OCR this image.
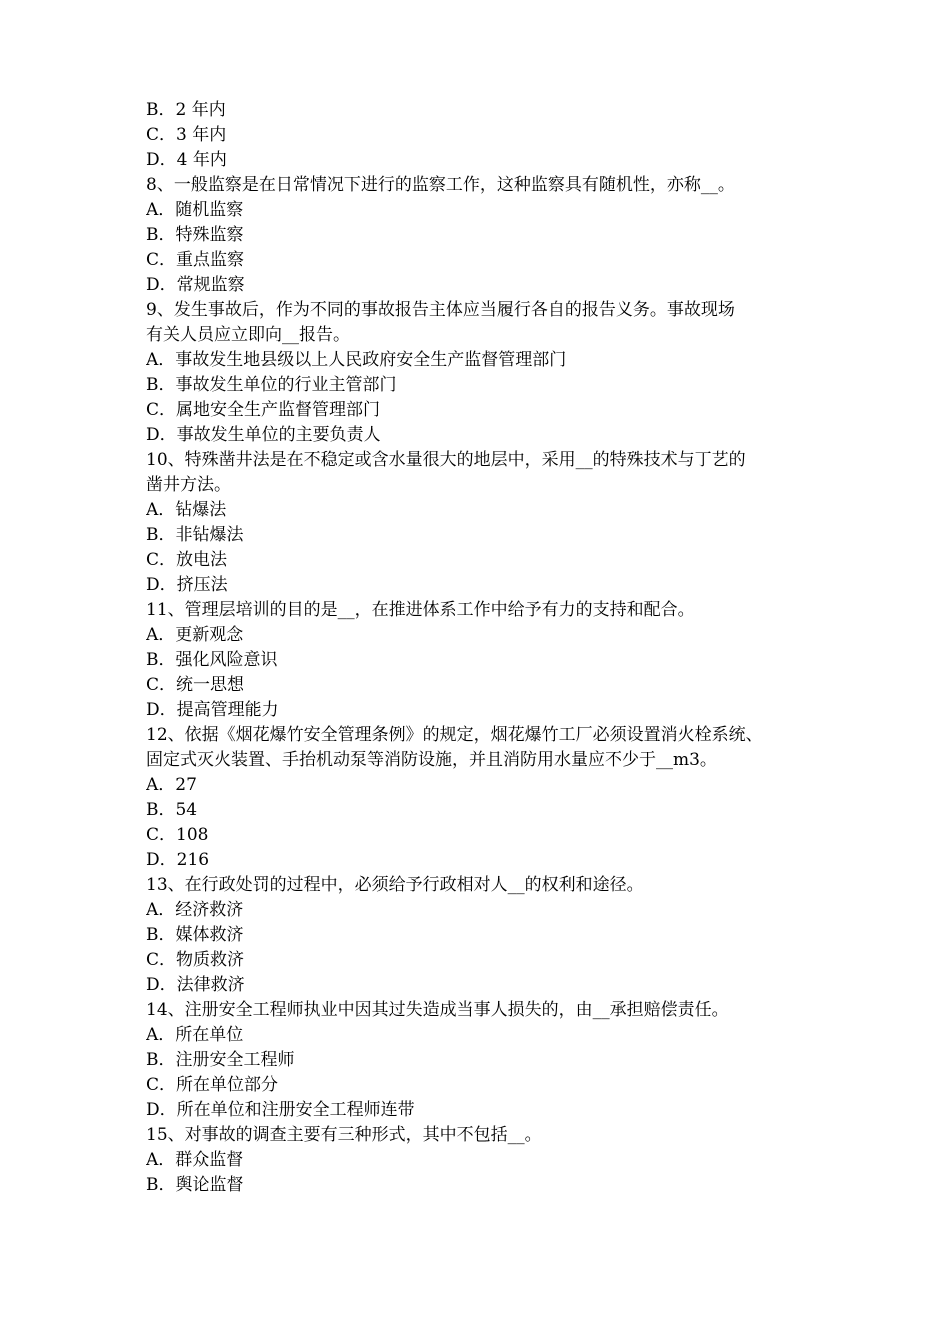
B．2 年内
C．3 年内
D．4 年内
8、一般监察是在日常情况下进行的监察工作，这种监察具有随机性，亦称__。
A．随机监察
B．特殊监察
C．重点监察
D．常规监察
9、发生事故后，作为不同的事故报告主体应当履行各自的报告义务。事故现场
有关人员应立即向__报告。
A．事故发生地县级以上人民政府安全生产监督管理部门
B．事故发生单位的行业主管部门
C．属地安全生产监督管理部门
D．事故发生单位的主要负责人
10、特殊凿井法是在不稳定或含水量很大的地层中，采用__的特殊技术与丁艺的
凿井方法。
A．钻爆法
B．非钻爆法
C．放电法
D．挤压法
11、管理层培训的目的是__，在推进体系工作中给予有力的支持和配合。
A．更新观念
B．强化风险意识
C．统一思想
D．提高管理能力
12、依据《烟花爆竹安全管理条例》的规定，烟花爆竹工厂必须设置消火栓系统、
固定式灭火装置、手抬机动泵等消防设施，并且消防用水量应不少于__m3。
A．27
B．54
C．108
D．216
13、在行政处罚的过程中，必须给予行政相对人__的权利和途径。
A．经济救济
B．媒体救济
C．物质救济
D．法律救济
14、注册安全工程师执业中因其过失造成当事人损失的，由__承担赔偿责任。
A．所在单位
B．注册安全工程师
C．所在单位部分
D．所在单位和注册安全工程师连带
15、对事故的调查主要有三种形式，其中不包括__。
A．群众监督
B．舆论监督
